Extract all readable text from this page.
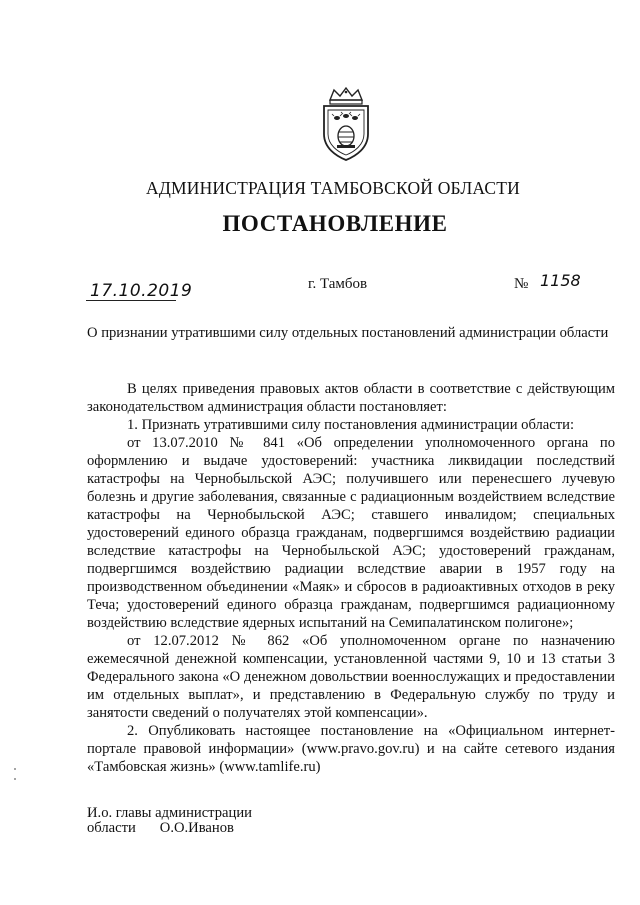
АДМИНИСТРАЦИЯ ТАМБОВСКОЙ ОБЛАСТИ
ПОСТАНОВЛЕНИЕ
17.10.2019	г. Тамбов	№ 1158
О признании утратившими силу отдельных постановлений администрации области

В целях приведения правовых актов области в соответствие с действующим законодательством администрация области постановляет:

1. Признать утратившими силу постановления администрации области:

от 13.07.2010 № 841 «Об определении уполномоченного органа по оформлению и выдаче удостоверений: участника ликвидации последствий катастрофы на Чернобыльской АЭС; получившего или перенесшего лучевую болезнь и другие заболевания, связанные с радиационным воздействием вследствие катастрофы на Чернобыльской АЭС; ставшего инвалидом; специальных удостоверений единого образца гражданам, подвергшимся воздействию радиации вследствие катастрофы на Чернобыльской АЭС; удостоверений гражданам, подвергшимся воздействию радиации вследствие аварии в 1957 году на производственном объединении «Маяк» и сбросов в радиоактивных отходов в реку Теча; удостоверений единого образца гражданам, подвергшимся радиационному воздействию вследствие ядерных испытаний на Семипалатинском полигоне»;

от 12.07.2012 № 862 «Об уполномоченном органе по назначению ежемесячной денежной компенсации, установленной частями 9, 10 и 13 статьи 3 Федерального закона «О денежном довольствии военнослужащих и предоставлении им отдельных выплат», и представлению в Федеральную службу по труду и занятости сведений о получателях этой компенсации».

2. Опубликовать настоящее постановление на «Официальном интернет-портале правовой информации» (www.pravo.gov.ru) и на сайте сетевого издания «Тамбовская жизнь» (www.tamlife.ru)

И.о. главы администрации
области О.О.Иванов
